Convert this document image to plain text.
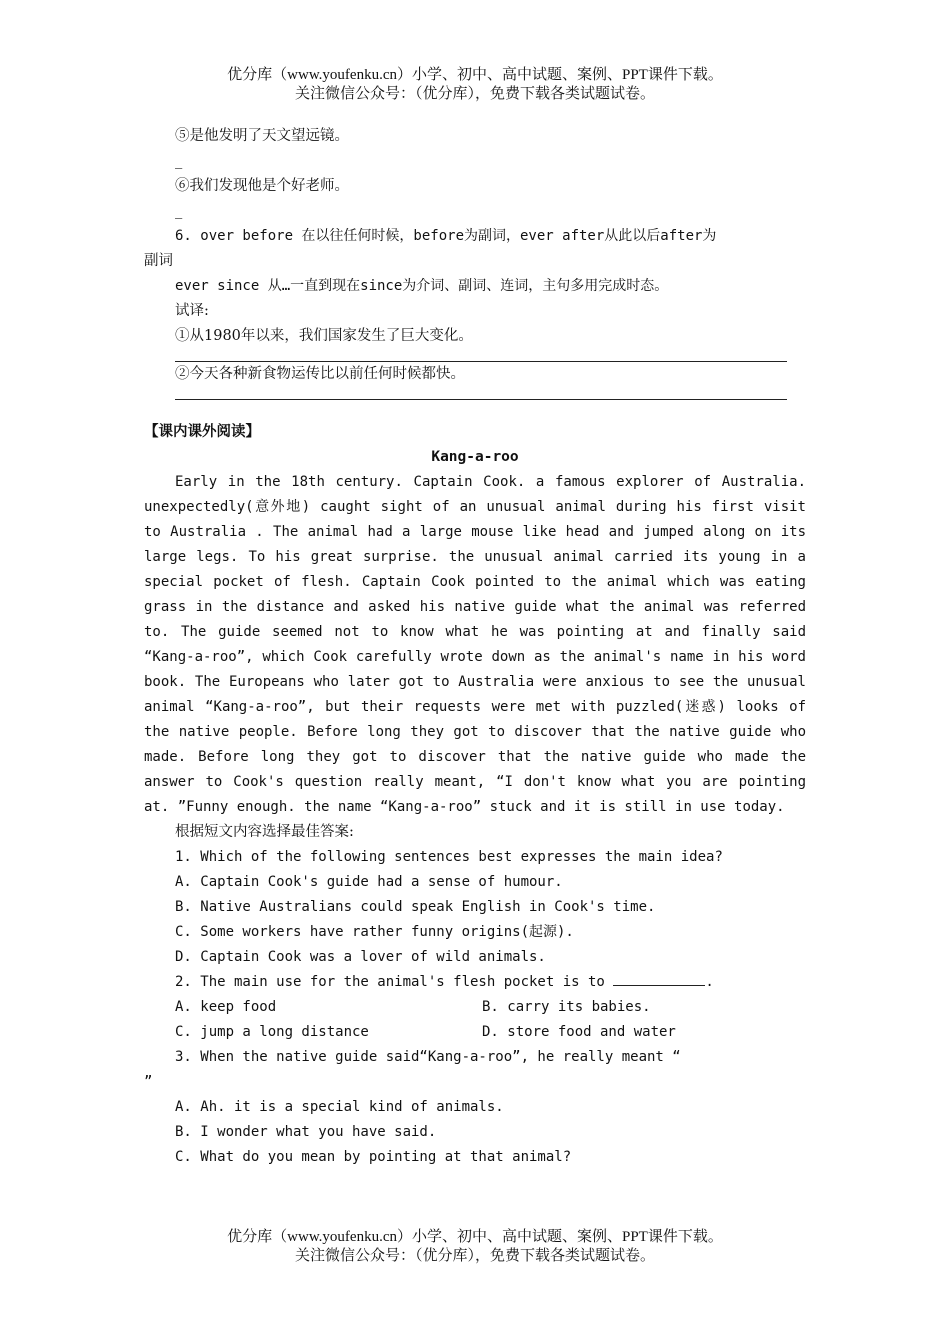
优分库（www.youfenku.cn）小学、初中、高中试题、案例、PPT课件下载。
关注微信公众号：（优分库），免费下载各类试题试卷。
⑤是他发明了天文望远镜。
_
⑥我们发现他是个好老师。
_
6. over before 在以往任何时候，before为副词，ever after从此以后after为
副词
ever since 从…一直到现在since为介词、副词、连词，主句多用完成时态。
试译:
①从1980年以来，我们国家发生了巨大变化。
②今天各种新食物运传比以前任何时候都快。
【课内课外阅读】
Kang-a-roo
Early in the 18th century. Captain Cook. a famous explorer of Australia. unexpectedly(意外地) caught sight of an unusual animal during his first visit to Australia . The animal had a large mouse like head and jumped along on its large legs. To his great surprise. the unusual animal carried its young in a special pocket of flesh. Captain Cook pointed to the animal which was eating grass in the distance and asked his native guide what the animal was referred to. The guide seemed not to know what he was pointing at and finally said “Kang-a-roo”, which Cook carefully wrote down as the animal's name in his word book. The Europeans who later got to Australia were anxious to see the unusual animal “Kang-a-roo”, but their requests were met with puzzled(迷惑) looks of the native people. Before long they got to discover that the native guide who made. Before long they got to discover that the native guide who made the answer to Cook's question really meant, “I don't know what you are pointing at. ”Funny enough. the name “Kang-a-roo” stuck and it is still in use today.
根据短文内容选择最佳答案:
1. Which of the following sentences best expresses the main idea?
A. Captain Cook's guide had a sense of humour.
B. Native Australians could speak English in Cook's time.
C. Some workers have rather funny origins(起源).
D. Captain Cook was a lover of wild animals.
2. The main use for the animal's flesh pocket is to	.
A. keep food	B. carry its babies.
C. jump a long distance	D. store food and water
3. When the native guide said“Kang-a-roo”, he really meant “
”
A. Ah. it is a special kind of animals.
B. I wonder what you have said.
C. What do you mean by pointing at that animal?
优分库（www.youfenku.cn）小学、初中、高中试题、案例、PPT课件下载。
关注微信公众号：（优分库），免费下载各类试题试卷。
